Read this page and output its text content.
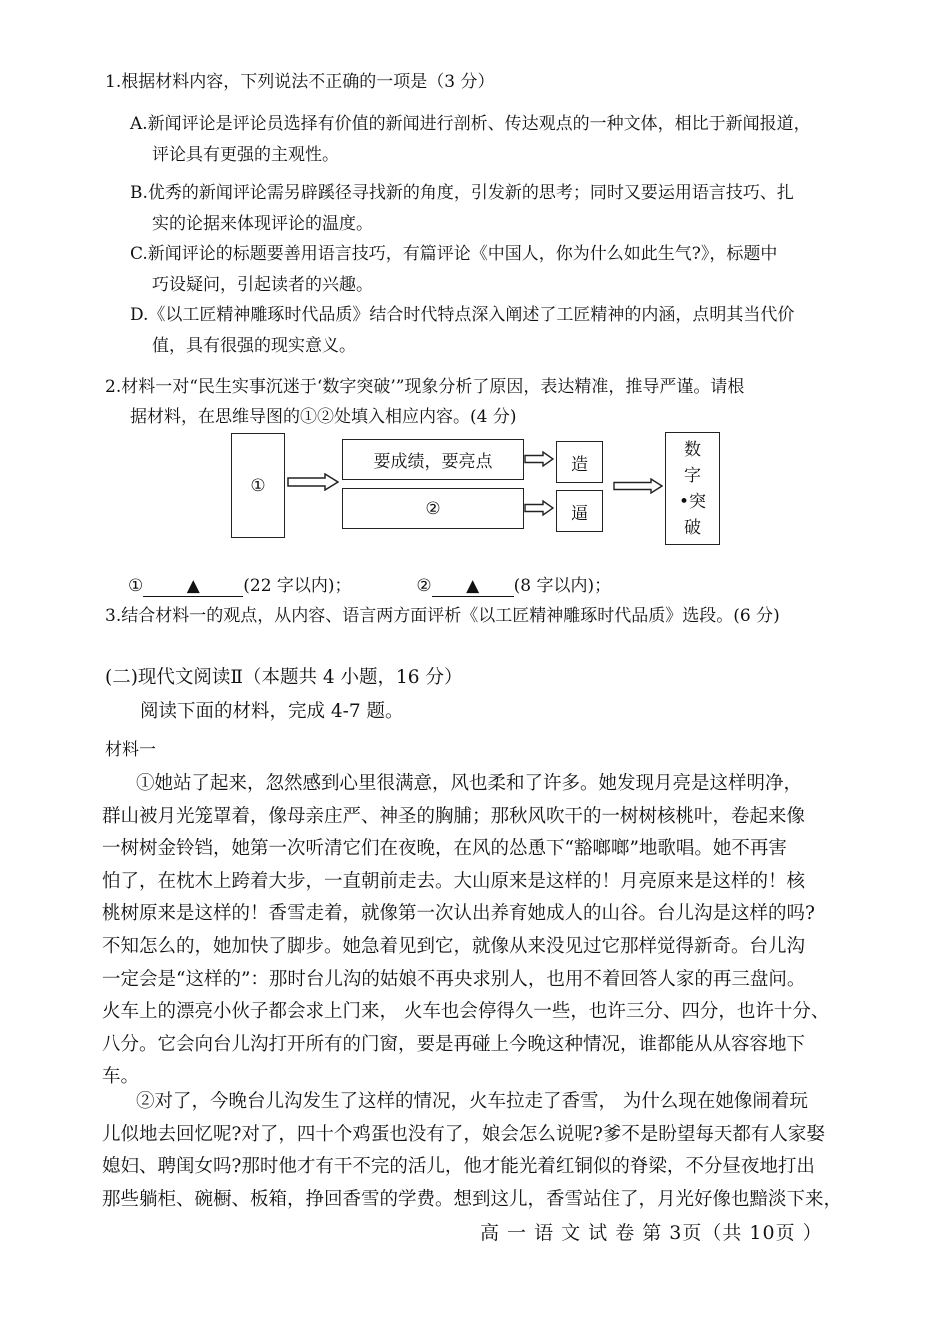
1.根据材料内容，下列说法不正确的一项是（3 分）
A.新闻评论是评论员选择有价值的新闻进行剖析、传达观点的一种文体，相比于新闻报道，
评论具有更强的主观性。
B.优秀的新闻评论需另辟蹊径寻找新的角度，引发新的思考；同时又要运用语言技巧、扎
实的论据来体现评论的温度。
C.新闻评论的标题要善用语言技巧，有篇评论《中国人，你为什么如此生气?》，标题中
巧设疑问，引起读者的兴趣。
D.《以工匠精神雕琢时代品质》结合时代特点深入阐述了工匠精神的内涵，点明其当代价
值，具有很强的现实意义。
2.材料一对“民生实事沉迷于‘数字突破’”现象分析了原因，表达精准，推导严谨。请根
据材料，在思维导图的①②处填入相应内容。(4 分)
①
要成绩，要亮点
②
造
逼
数
字
•突
破
①	▲	(22 字以内)；	② ▲ (8 字以内)；
3.结合材料一的观点，从内容、语言两方面评析《以工匠精神雕琢时代品质》选段。(6 分)
(二)现代文阅读Ⅱ（本题共 4 小题，16 分）
阅读下面的材料，完成 4-7 题。
材料一
①她站了起来，忽然感到心里很满意，风也柔和了许多。她发现月亮是这样明净，
群山被月光笼罩着，像母亲庄严、神圣的胸脯；那秋风吹干的一树树核桃叶，卷起来像
一树树金铃铛，她第一次听清它们在夜晚，在风的怂恿下“豁啷啷”地歌唱。她不再害
怕了，在枕木上跨着大步，一直朝前走去。大山原来是这样的！月亮原来是这样的！核
桃树原来是这样的！香雪走着，就像第一次认出养育她成人的山谷。台儿沟是这样的吗?
不知怎么的，她加快了脚步。她急着见到它，就像从来没见过它那样觉得新奇。台儿沟
一定会是“这样的”：那时台儿沟的姑娘不再央求别人，也用不着回答人家的再三盘问。
火车上的漂亮小伙子都会求上门来， 火车也会停得久一些，也许三分、四分，也许十分、
八分。它会向台儿沟打开所有的门窗，要是再碰上今晚这种情况，谁都能从从容容地下
车。
②对了，今晚台儿沟发生了这样的情况，火车拉走了香雪， 为什么现在她像闹着玩
儿似地去回忆呢?对了，四十个鸡蛋也没有了，娘会怎么说呢?爹不是盼望每天都有人家娶
媳妇、聘闺女吗?那时他才有干不完的活儿，他才能光着红铜似的脊梁，不分昼夜地打出
那些躺柜、碗橱、板箱，挣回香雪的学费。想到这儿，香雪站住了，月光好像也黯淡下来，
高 一 语 文 试 卷 第 3页（共 10页 ）
